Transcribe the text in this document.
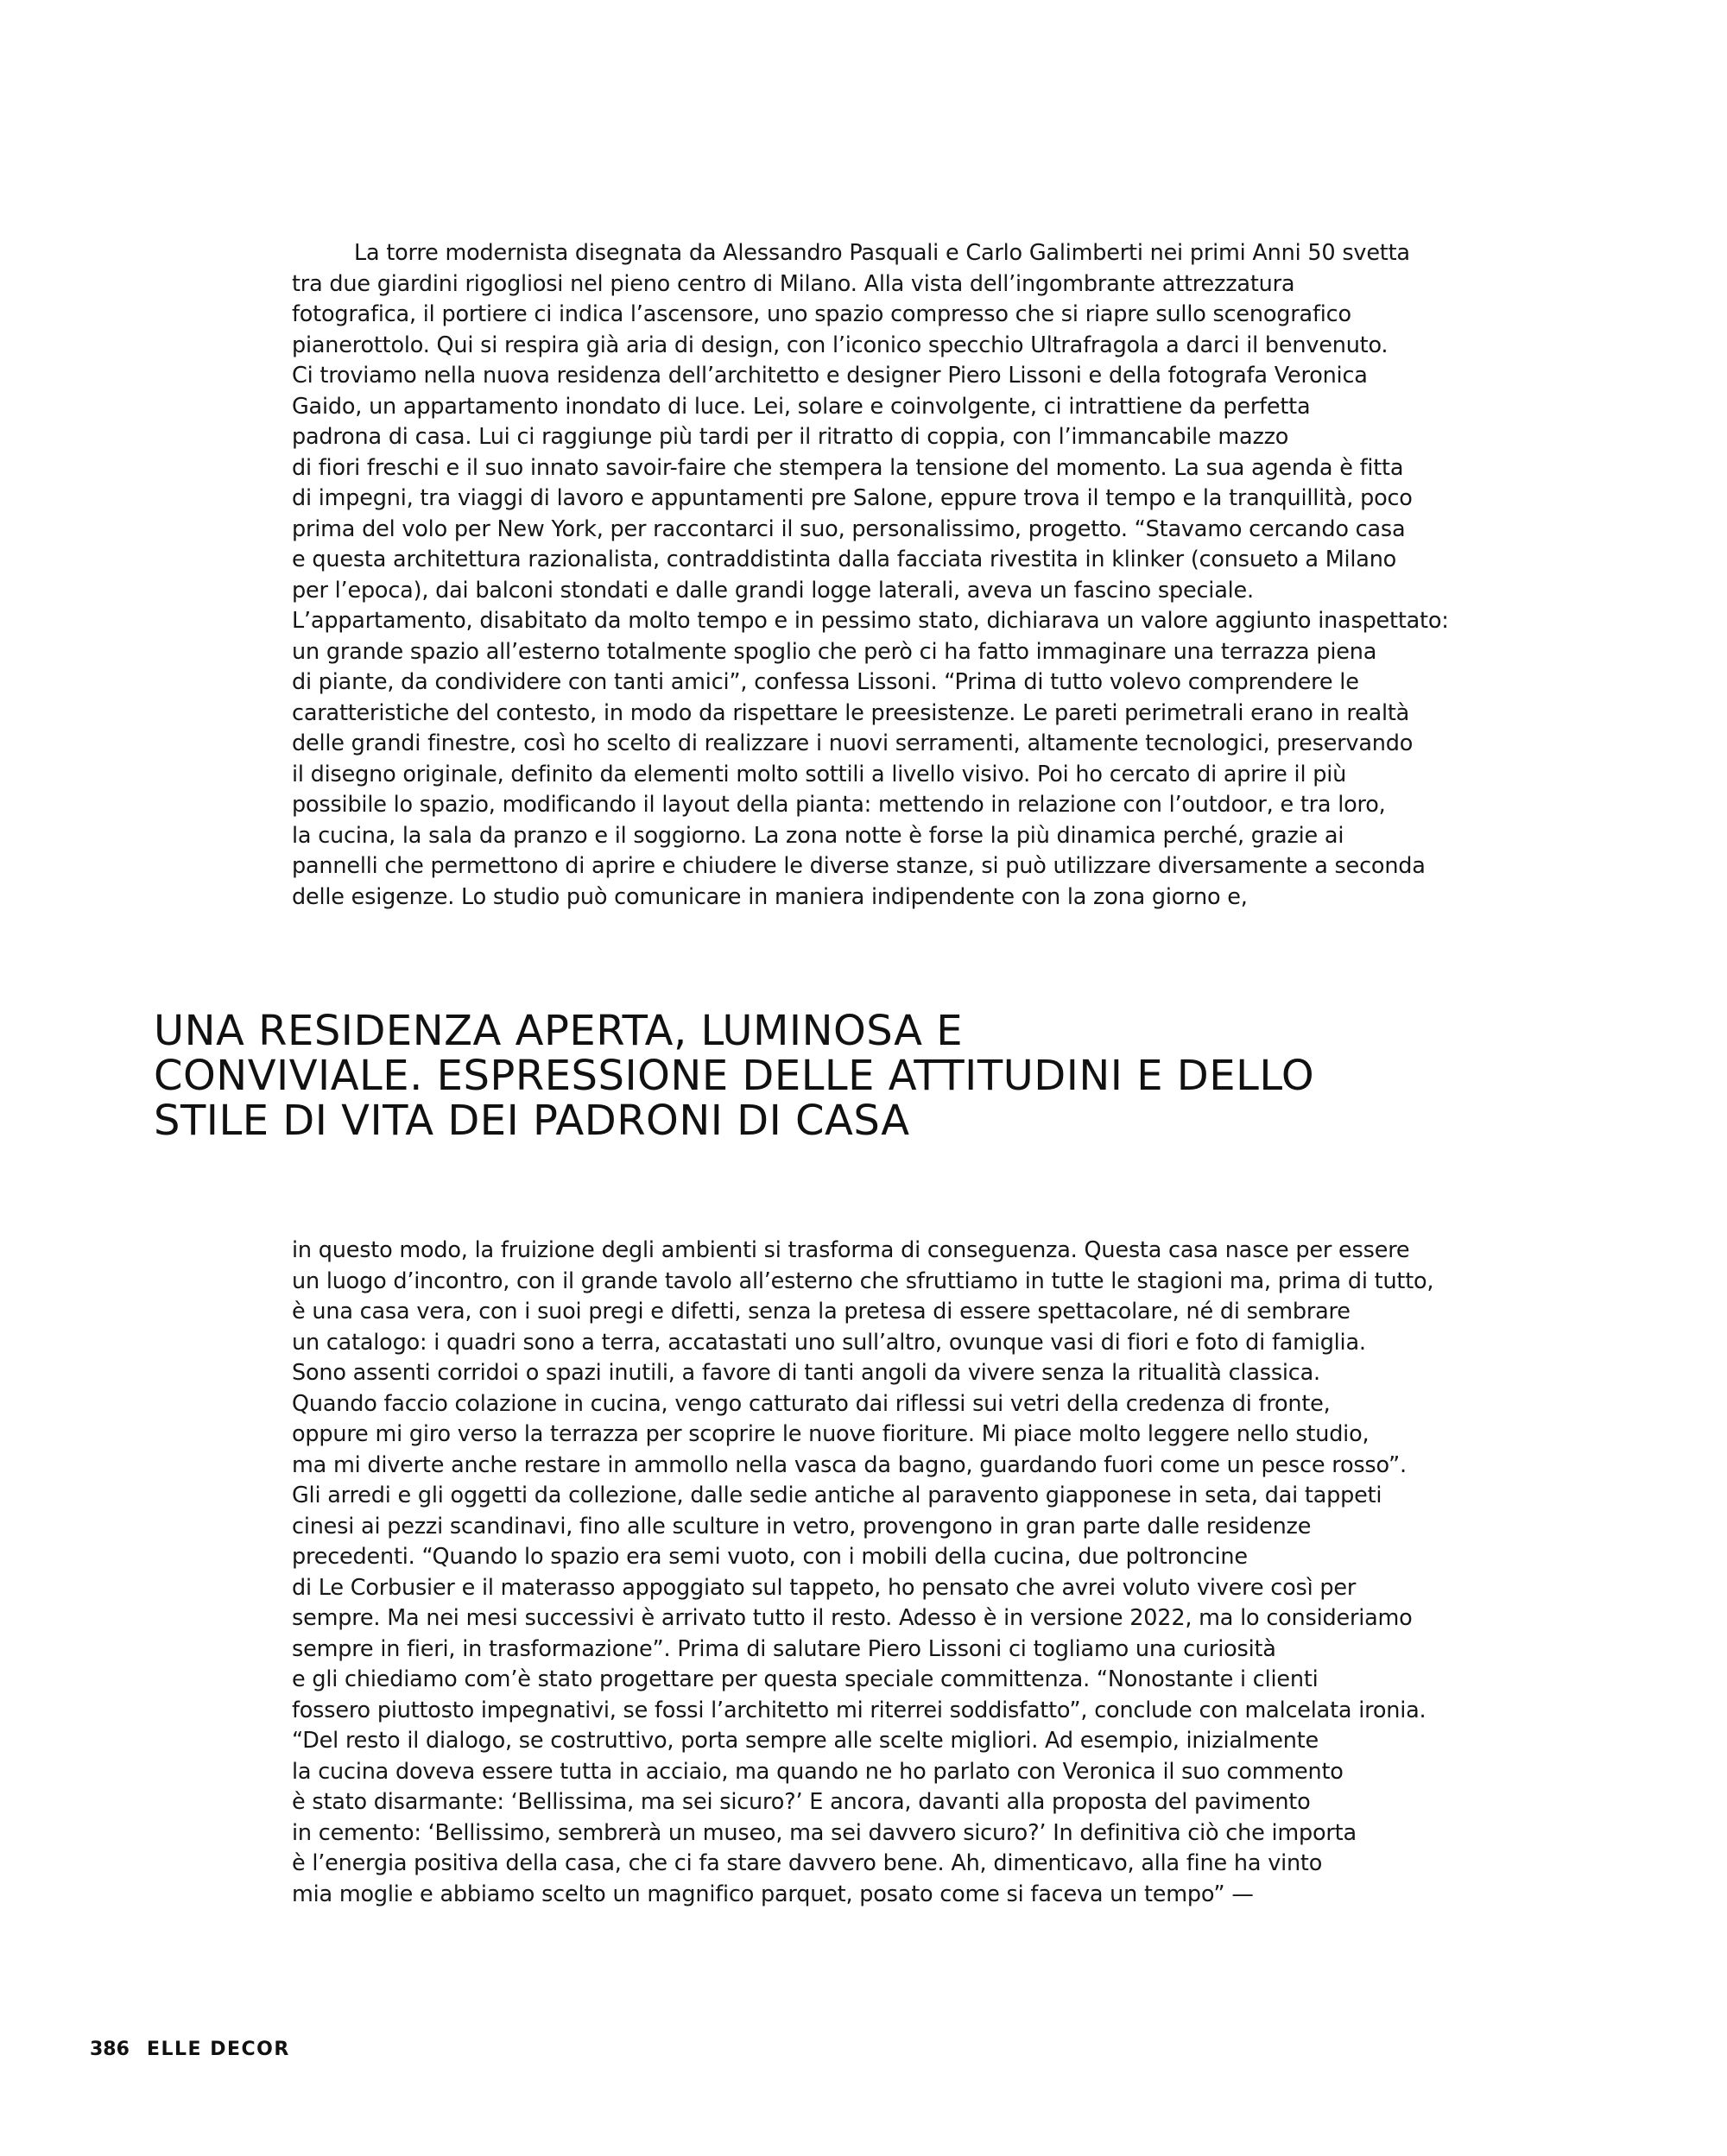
La torre modernista disegnata da Alessandro Pasquali e Carlo Galimberti nei primi Anni 50 svetta
tra due giardini rigogliosi nel pieno centro di Milano. Alla vista dell’ingombrante attrezzatura
fotografica, il portiere ci indica l’ascensore, uno spazio compresso che si riapre sullo scenografico
pianerottolo. Qui si respira già aria di design, con l’iconico specchio Ultrafragola a darci il benvenuto.
Ci troviamo nella nuova residenza dell’architetto e designer Piero Lissoni e della fotografa Veronica
Gaido, un appartamento inondato di luce. Lei, solare e coinvolgente, ci intrattiene da perfetta
padrona di casa. Lui ci raggiunge più tardi per il ritratto di coppia, con l’immancabile mazzo
di fiori freschi e il suo innato savoir-faire che stempera la tensione del momento. La sua agenda è fitta
di impegni, tra viaggi di lavoro e appuntamenti pre Salone, eppure trova il tempo e la tranquillità, poco
prima del volo per New York, per raccontarci il suo, personalissimo, progetto. “Stavamo cercando casa
e questa architettura razionalista, contraddistinta dalla facciata rivestita in klinker (consueto a Milano
per l’epoca), dai balconi stondati e dalle grandi logge laterali, aveva un fascino speciale.
L’appartamento, disabitato da molto tempo e in pessimo stato, dichiarava un valore aggiunto inaspettato:
un grande spazio all’esterno totalmente spoglio che però ci ha fatto immaginare una terrazza piena
di piante, da condividere con tanti amici”, confessa Lissoni. “Prima di tutto volevo comprendere le
caratteristiche del contesto, in modo da rispettare le preesistenze. Le pareti perimetrali erano in realtà
delle grandi finestre, così ho scelto di realizzare i nuovi serramenti, altamente tecnologici, preservando
il disegno originale, definito da elementi molto sottili a livello visivo. Poi ho cercato di aprire il più
possibile lo spazio, modificando il layout della pianta: mettendo in relazione con l’outdoor, e tra loro,
la cucina, la sala da pranzo e il soggiorno. La zona notte è forse la più dinamica perché, grazie ai
pannelli che permettono di aprire e chiudere le diverse stanze, si può utilizzare diversamente a seconda
delle esigenze. Lo studio può comunicare in maniera indipendente con la zona giorno e,
UNA RESIDENZA APERTA, LUMINOSA E
CONVIVIALE. ESPRESSIONE DELLE ATTITUDINI E DELLO
STILE DI VITA DEI PADRONI DI CASA
in questo modo, la fruizione degli ambienti si trasforma di conseguenza. Questa casa nasce per essere
un luogo d’incontro, con il grande tavolo all’esterno che sfruttiamo in tutte le stagioni ma, prima di tutto,
è una casa vera, con i suoi pregi e difetti, senza la pretesa di essere spettacolare, né di sembrare
un catalogo: i quadri sono a terra, accatastati uno sull’altro, ovunque vasi di fiori e foto di famiglia.
Sono assenti corridoi o spazi inutili, a favore di tanti angoli da vivere senza la ritualità classica.
Quando faccio colazione in cucina, vengo catturato dai riflessi sui vetri della credenza di fronte,
oppure mi giro verso la terrazza per scoprire le nuove fioriture. Mi piace molto leggere nello studio,
ma mi diverte anche restare in ammollo nella vasca da bagno, guardando fuori come un pesce rosso”.
Gli arredi e gli oggetti da collezione, dalle sedie antiche al paravento giapponese in seta, dai tappeti
cinesi ai pezzi scandinavi, fino alle sculture in vetro, provengono in gran parte dalle residenze
precedenti. “Quando lo spazio era semi vuoto, con i mobili della cucina, due poltroncine
di Le Corbusier e il materasso appoggiato sul tappeto, ho pensato che avrei voluto vivere così per
sempre. Ma nei mesi successivi è arrivato tutto il resto. Adesso è in versione 2022, ma lo consideriamo
sempre in fieri, in trasformazione”. Prima di salutare Piero Lissoni ci togliamo una curiosità
e gli chiediamo com’è stato progettare per questa speciale committenza. “Nonostante i clienti
fossero piuttosto impegnativi, se fossi l’architetto mi riterrei soddisfatto”, conclude con malcelata ironia.
“Del resto il dialogo, se costruttivo, porta sempre alle scelte migliori. Ad esempio, inizialmente
la cucina doveva essere tutta in acciaio, ma quando ne ho parlato con Veronica il suo commento
è stato disarmante: ‘Bellissima, ma sei sicuro?’ E ancora, davanti alla proposta del pavimento
in cemento: ‘Bellissimo, sembrerà un museo, ma sei davvero sicuro?’ In definitiva ciò che importa
è l’energia positiva della casa, che ci fa stare davvero bene. Ah, dimenticavo, alla fine ha vinto
mia moglie e abbiamo scelto un magnifico parquet, posato come si faceva un tempo” —
386 ELLE DECOR
